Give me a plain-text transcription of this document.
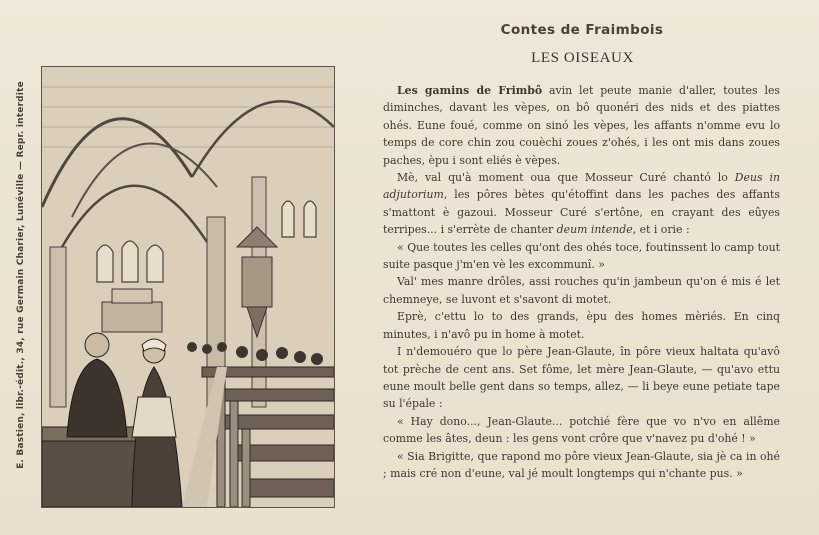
E. Bastien, libr.-édit., 34, rue Germain Charier, Lunéville — Repr. interdite
Contes de Fraimbois
LES OISEAUX

Les gamins de Frimbô avin let peute manie d'aller, toutes les diminches, davant les vèpes, on bô quonéri des nids et des piattes ohés. Eune foué, comme on sinó les vèpes, les affants n'omme evu lo temps de core chin zou couèchi zoues z'ohés, i les ont mis dans zoues paches, èpu i sont eliés è vèpes.

Mè, val qu'à moment oua que Mosseur Curé chantó lo Deus in adjutorium, les pôres bètes qu'étoffint dans les paches des affants s'mattont è gazoui. Mosseur Curé s'ertône, en crayant des eûyes terripes... i s'errète de chanter deum intende, et i orie :

« Que toutes les celles qu'ont des ohés toce, foutinssent lo camp tout suite pasque j'm'en vè les excommunî. »

Val' mes manre drôles, assi rouches qu'in jambeun qu'on é mis é let chemneye, se luvont et s'savont di motet.

Eprè, c'ettu lo to des grands, èpu des homes mèriés. En cinq minutes, i n'avô pu in home à motet.

I n'demouéro que lo père Jean-Glaute, în pôre vieux haltata qu'avô tot prèche de cent ans. Set fôme, let mère Jean-Glaute, — qu'avo ettu eune moult belle gent dans so temps, allez, — li beye eune petiate tape su l'épale :

« Hay dono..., Jean-Glaute... potchié fère que vo n'vo en allême comme les âtes, deun : les gens vont crôre que v'navez pu d'ohé ! »

« Sia Brigitte, que rapond mo pôre vieux Jean-Glaute, sia jè ca in ohé ; mais cré non d'eune, val jé moult longtemps qui n'chante pus. »
